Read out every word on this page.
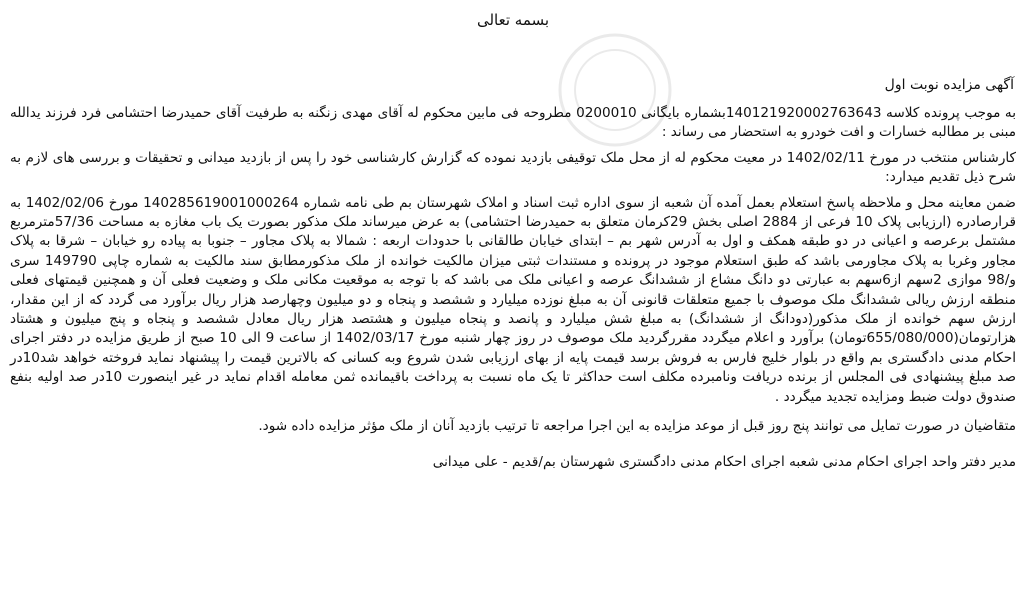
بسمه تعالی
آگهی مزایده نوبت اول

به موجب پرونده کلاسه 14012192000276364‌3بشماره بایگانی 0200010 مطروحه فی مابین محکوم له آقای مهدی زنگنه به طرفیت آقای حمیدرضا احتشامی فرد فرزند یدالله مبنی بر مطالبه خسارات و افت خودرو به استحضار می رساند :

کارشناس منتخب در مورخ 1402/02/11 در معیت محکوم له از محل ملک توقیفی بازدید نموده که گزارش کارشناسی خود را پس از بازدید میدانی و تحقیقات و بررسی های لازم به شرح ذیل تقدیم میدارد:

ضمن معاینه محل و ملاحظه پاسخ استعلام بعمل آمده آن شعبه از سوی اداره ثبت اسناد و املاک شهرستان بم طی نامه شماره 140285619001000264 مورخ 1402/02/06 به قرارصادره (ارزیابی پلاک 10 فرعی از 2884 اصلی بخش 29کرمان متعلق به حمیدرضا احتشامی) به عرض میرساند ملک مذکور بصورت یک باب مغازه به مساحت 57/36مترمربع مشتمل برعرصه و اعیانی در دو طبقه همکف و اول به آدرس شهر بم – ابتدای خیابان طالقانی با حدودات اربعه : شمالا به پلاک مجاور – جنوبا به پیاده رو خیابان – شرقا به پلاک مجاور وغربا به پلاک مجاورمی باشد که طبق استعلام موجود در پرونده و مستندات ثبتی میزان مالکیت خوانده از ملک مذکورمطابق سند مالکیت به شماره چاپی 149790 سری و/98 موازی 2سهم از6سهم به عبارتی دو دانگ مشاع از ششدانگ عرصه و اعیانی ملک می باشد که با توجه به موقعیت مکانی ملک و وضعیت فعلی آن و همچنین قیمتهای فعلی منطقه ارزش ریالی ششدانگ ملک موصوف با جمیع متعلقات قانونی آن به مبلغ نوزده میلیارد و ششصد و پنجاه و دو میلیون وچهارصد هزار ریال برآورد می گردد که از این مقدار، ارزش سهم خوانده از ملک مذکور(دودانگ از ششدانگ) به مبلغ شش میلیارد و پانصد و پنجاه میلیون و هشتصد هزار ریال معادل ششصد و پنجاه و پنج میلیون و هشتاد هزارتومان(655/080/000تومان) برآورد و اعلام میگردد مقررگردید ملک موصوف در روز چهار شنبه مورخ 1402/03/17 از ساعت 9 الی 10 صبح از طریق مزایده در دفتر اجرای احکام مدنی دادگستری بم واقع در بلوار خلیج فارس به فروش برسد قیمت پایه از بهای ارزیابی شدن شروع وبه کسانی که بالاترین قیمت را پیشنهاد نماید فروخته خواهد شد10در صد مبلغ پیشنهادی فی المجلس از برنده دریافت ونامبرده مکلف است حداکثر تا یک ماه نسبت به پرداخت باقیمانده ثمن معامله اقدام نماید در غیر اینصورت 10در صد اولیه بنفع صندوق دولت ضبط ومزایده تجدید میگردد .

متقاضیان در صورت تمایل می توانند پنج روز قبل از موعد مزایده به این اجرا مراجعه تا ترتیب بازدید آنان از ملک مؤثر مزایده داده شود.

مدیر دفتر واحد اجرای احکام مدنی شعبه اجرای احکام مدنی دادگستری شهرستان بم/قدیم - علی میدانی
